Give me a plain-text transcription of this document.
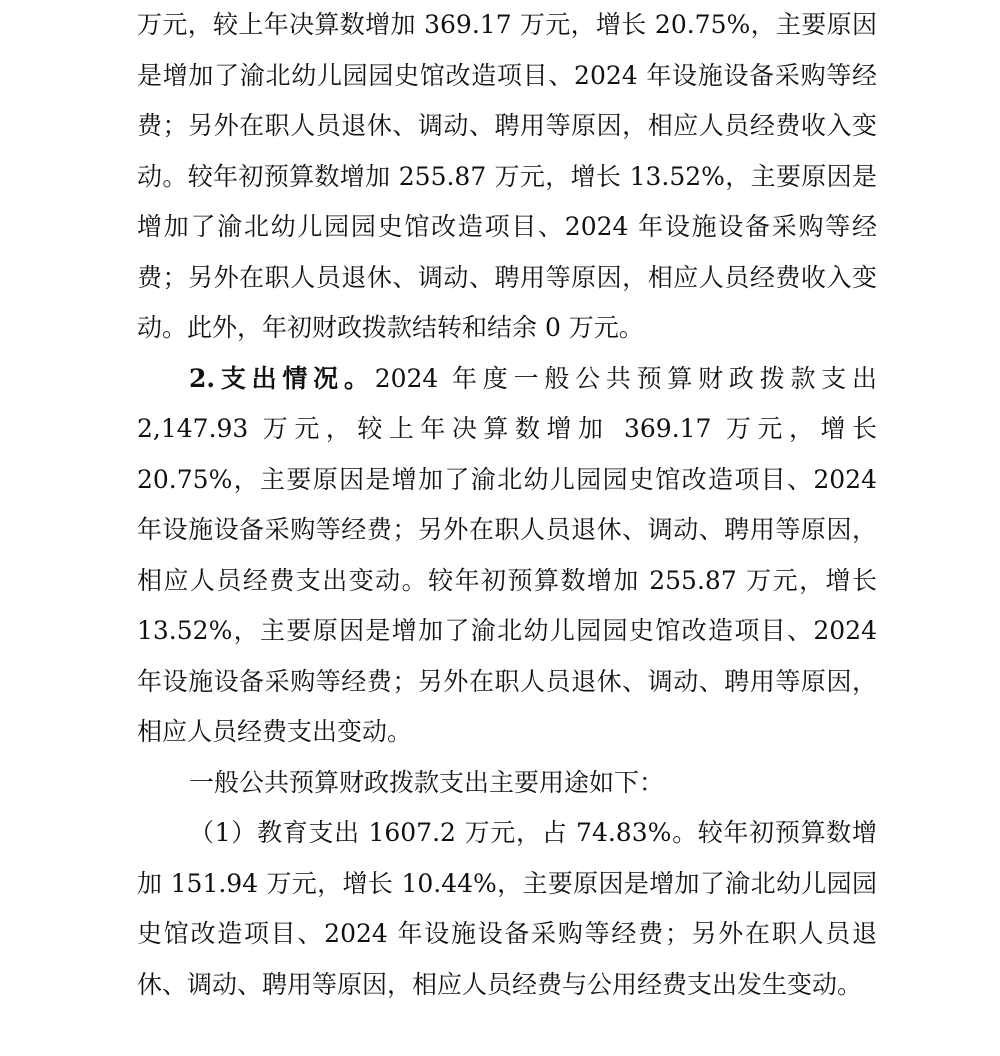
万元，较上年决算数增加 369.17 万元，增长 20.75%，主要原因是增加了渝北幼儿园园史馆改造项目、2024 年设施设备采购等经费；另外在职人员退休、调动、聘用等原因，相应人员经费收入变动。较年初预算数增加 255.87 万元，增长 13.52%，主要原因是增加了渝北幼儿园园史馆改造项目、2024 年设施设备采购等经费；另外在职人员退休、调动、聘用等原因，相应人员经费收入变动。此外，年初财政拨款结转和结余 0 万元。

2.支出情况。2024 年度一般公共预算财政拨款支出 2,147.93 万元，较上年决算数增加 369.17 万元，增长 20.75%，主要原因是增加了渝北幼儿园园史馆改造项目、2024 年设施设备采购等经费；另外在职人员退休、调动、聘用等原因，相应人员经费支出变动。较年初预算数增加 255.87 万元，增长 13.52%，主要原因是增加了渝北幼儿园园史馆改造项目、2024 年设施设备采购等经费；另外在职人员退休、调动、聘用等原因，相应人员经费支出变动。

一般公共预算财政拨款支出主要用途如下：

（1）教育支出 1607.2 万元，占 74.83%。较年初预算数增加 151.94 万元，增长 10.44%，主要原因是增加了渝北幼儿园园史馆改造项目、2024 年设施设备采购等经费；另外在职人员退休、调动、聘用等原因，相应人员经费与公用经费支出发生变动。
